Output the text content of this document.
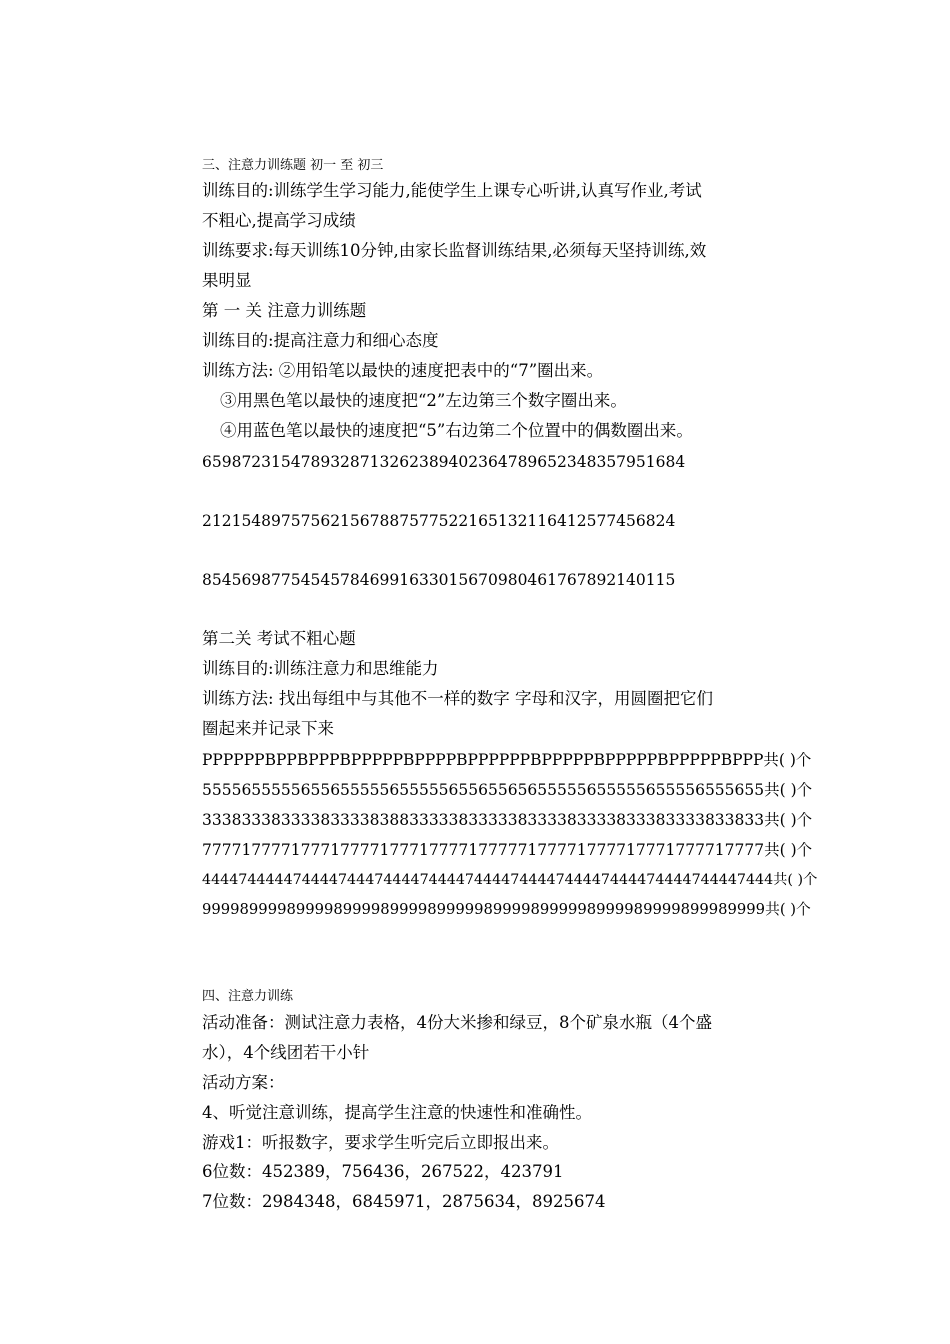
三、注意力训练题 初一 至 初三
训练目的:训练学生学习能力,能使学生上课专心听讲,认真写作业,考试
不粗心,提高学习成绩
训练要求:每天训练10分钟,由家长监督训练结果,必须每天坚持训练,效
果明显
第 一 关 注意力训练题
训练目的:提高注意力和细心态度
训练方法: ②用铅笔以最快的速度把表中的“7”圈出来。
③用黑色笔以最快的速度把“2”左边第三个数字圈出来。
④用蓝色笔以最快的速度把“5”右边第二个位置中的偶数圈出来。
659872315478932871326238940236478965234835795168​4
212154897575621567887577522165132116412577456824
854569877545457846991633015670980461767892140115
第二关 考试不粗心题
训练目的:训练注意力和思维能力
训练方法: 找出每组中与其他不一样的数字 字母和汉字，用圆圈把它们
圈起来并记录下来
PPPPPPBPPBPPPBPPPPPBPPPPBPPPPPPBPPPPPBPPPPPBPPPPPBPPP共( )个
555565555565565555565555565565565655555655555655556555655共( )个
333833383333833338388333338333338333383333833383333833833共( )个
777717777177717777177717777177777177771777717771777717777共( )个
444474444474444744474444744447444474444744447444474444744447444共( )个
999989999899998999989999899999899998999998999989999899989999共( )个
四、注意力训练
活动准备：测试注意力表格，4份大米掺和绿豆，8个矿泉水瓶（4个盛
水），4个线团若干小针
活动方案：
4、听觉注意训练，提高学生注意的快速性和准确性。
游戏1：听报数字，要求学生听完后立即报出来。
6位数：452389，756436，267522，423791
7位数：2984348，6845971，2875634，8925674
